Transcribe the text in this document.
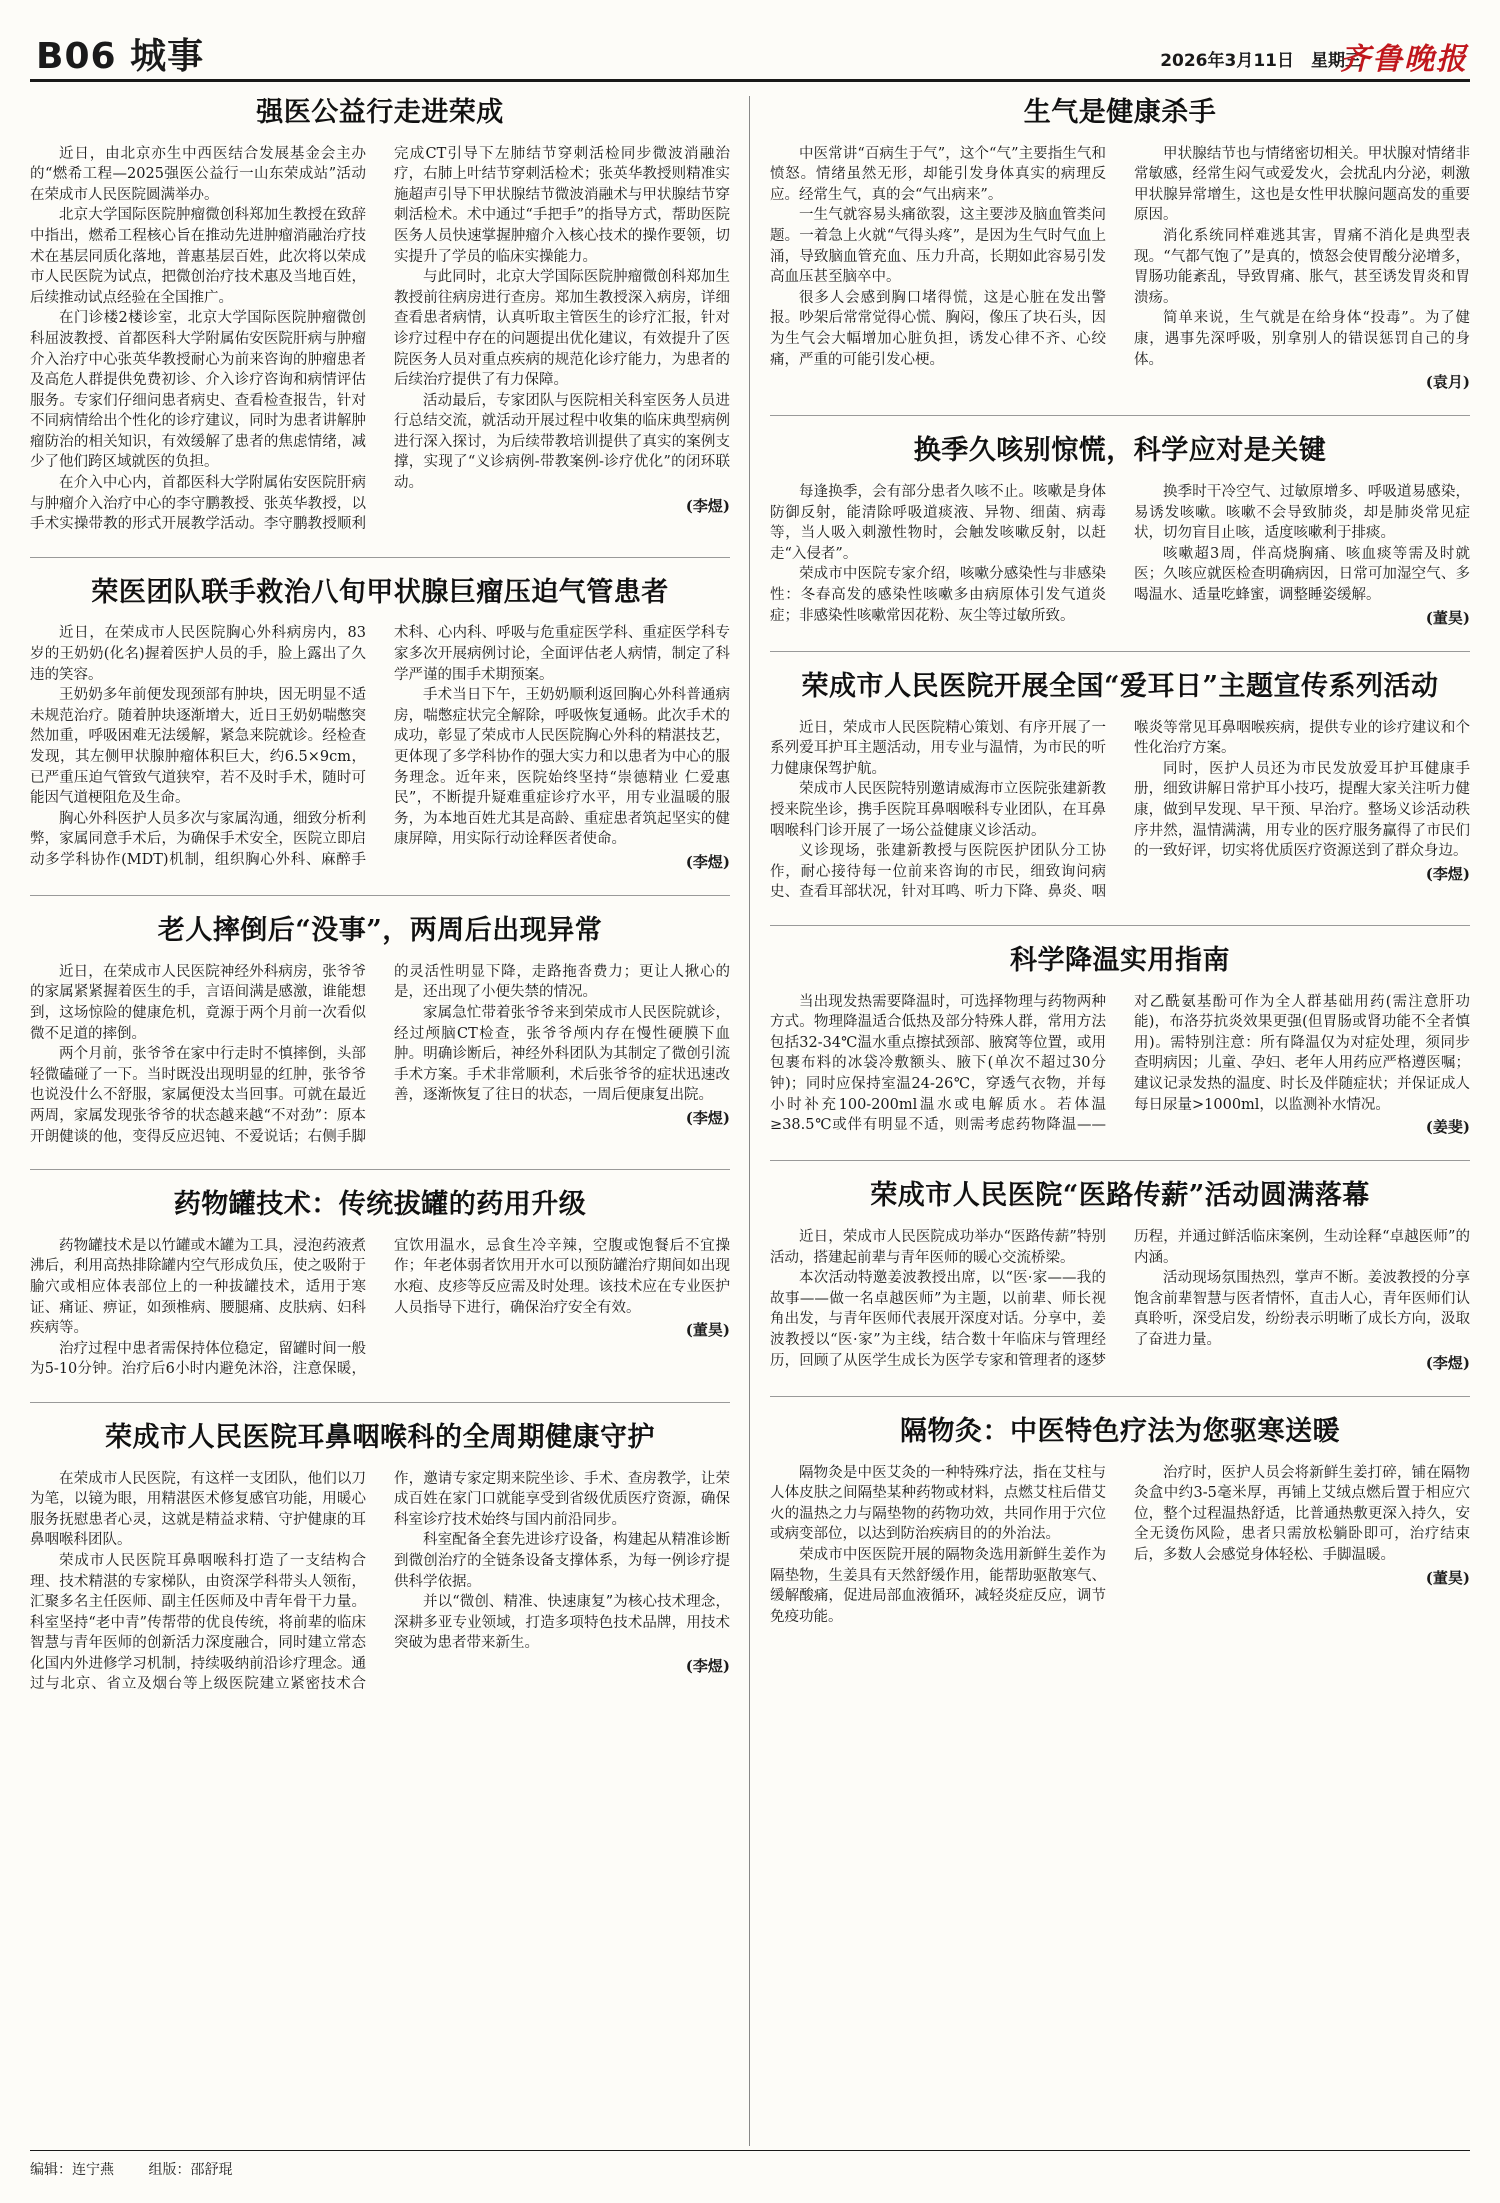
B06 城事	2026年3月11日　星期三
齐鲁晚报
强医公益行走进荣成

近日，由北京亦生中西医结合发展基金会主办的“燃希工程—2025强医公益行一山东荣成站”活动在荣成市人民医院圆满举办。

北京大学国际医院肿瘤微创科郑加生教授在致辞中指出，燃希工程核心旨在推动先进肿瘤消融治疗技术在基层同质化落地，普惠基层百姓，此次将以荣成市人民医院为试点，把微创治疗技术惠及当地百姓，后续推动试点经验在全国推广。

在门诊楼2楼诊室，北京大学国际医院肿瘤微创科屈波教授、首都医科大学附属佑安医院肝病与肿瘤介入治疗中心张英华教授耐心为前来咨询的肿瘤患者及高危人群提供免费初诊、介入诊疗咨询和病情评估服务。专家们仔细问患者病史、查看检查报告，针对不同病情给出个性化的诊疗建议，同时为患者讲解肿瘤防治的相关知识，有效缓解了患者的焦虑情绪，减少了他们跨区域就医的负担。

在介入中心内，首都医科大学附属佑安医院肝病与肿瘤介入治疗中心的李守鹏教授、张英华教授，以手术实操带教的形式开展教学活动。李守鹏教授顺利完成CT引导下左肺结节穿刺活检同步微波消融治疗，右肺上叶结节穿刺活检术；张英华教授则精准实施超声引导下甲状腺结节微波消融术与甲状腺结节穿刺活检术。术中通过“手把手”的指导方式，帮助医院医务人员快速掌握肿瘤介入核心技术的操作要领，切实提升了学员的临床实操能力。

与此同时，北京大学国际医院肿瘤微创科郑加生教授前往病房进行查房。郑加生教授深入病房，详细查看患者病情，认真听取主管医生的诊疗汇报，针对诊疗过程中存在的问题提出优化建议，有效提升了医院医务人员对重点疾病的规范化诊疗能力，为患者的后续治疗提供了有力保障。

活动最后，专家团队与医院相关科室医务人员进行总结交流，就活动开展过程中收集的临床典型病例进行深入探讨，为后续带教培训提供了真实的案例支撑，实现了“义诊病例-带教案例-诊疗优化”的闭环联动。

(李煜)
荣医团队联手救治八旬甲状腺巨瘤压迫气管患者

近日，在荣成市人民医院胸心外科病房内，83岁的王奶奶(化名)握着医护人员的手，脸上露出了久违的笑容。

王奶奶多年前便发现颈部有肿块，因无明显不适未规范治疗。随着肿块逐渐增大，近日王奶奶喘憋突然加重，呼吸困难无法缓解，紧急来院就诊。经检查发现，其左侧甲状腺肿瘤体积巨大，约6.5×9cm，已严重压迫气管致气道狭窄，若不及时手术，随时可能因气道梗阻危及生命。

胸心外科医护人员多次与家属沟通，细致分析利弊，家属同意手术后，为确保手术安全，医院立即启动多学科协作(MDT)机制，组织胸心外科、麻醉手术科、心内科、呼吸与危重症医学科、重症医学科专家多次开展病例讨论，全面评估老人病情，制定了科学严谨的围手术期预案。

手术当日下午，王奶奶顺利返回胸心外科普通病房，喘憋症状完全解除，呼吸恢复通畅。此次手术的成功，彰显了荣成市人民医院胸心外科的精湛技艺，更体现了多学科协作的强大实力和以患者为中心的服务理念。近年来，医院始终坚持“崇德精业 仁爱惠民”，不断提升疑难重症诊疗水平，用专业温暖的服务，为本地百姓尤其是高龄、重症患者筑起坚实的健康屏障，用实际行动诠释医者使命。

(李煜)
老人摔倒后“没事”，两周后出现异常

近日，在荣成市人民医院神经外科病房，张爷爷的家属紧紧握着医生的手，言语间满是感激，谁能想到，这场惊险的健康危机，竟源于两个月前一次看似微不足道的摔倒。

两个月前，张爷爷在家中行走时不慎摔倒，头部轻微磕碰了一下。当时既没出现明显的红肿，张爷爷也说没什么不舒服，家属便没太当回事。可就在最近两周，家属发现张爷爷的状态越来越“不对劲”：原本开朗健谈的他，变得反应迟钝、不爱说话；右侧手脚的灵活性明显下降，走路拖沓费力；更让人揪心的是，还出现了小便失禁的情况。

家属急忙带着张爷爷来到荣成市人民医院就诊，经过颅脑CT检查，张爷爷颅内存在慢性硬膜下血肿。明确诊断后，神经外科团队为其制定了微创引流手术方案。手术非常顺利，术后张爷爷的症状迅速改善，逐渐恢复了往日的状态，一周后便康复出院。

(李煜)
药物罐技术：传统拔罐的药用升级

药物罐技术是以竹罐或木罐为工具，浸泡药液煮沸后，利用高热排除罐内空气形成负压，使之吸附于腧穴或相应体表部位上的一种拔罐技术，适用于寒证、痛证、痹证，如颈椎病、腰腿痛、皮肤病、妇科疾病等。

治疗过程中患者需保持体位稳定，留罐时间一般为5-10分钟。治疗后6小时内避免沐浴，注意保暖，宜饮用温水，忌食生冷辛辣，空腹或饱餐后不宜操作；年老体弱者饮用开水可以预防罐治疗期间如出现水疱、皮疹等反应需及时处理。该技术应在专业医护人员指导下进行，确保治疗安全有效。

(董昊)
荣成市人民医院耳鼻咽喉科的全周期健康守护

在荣成市人民医院，有这样一支团队，他们以刀为笔，以镜为眼，用精湛医术修复感官功能，用暖心服务抚慰患者心灵，这就是精益求精、守护健康的耳鼻咽喉科团队。

荣成市人民医院耳鼻咽喉科打造了一支结构合理、技术精湛的专家梯队，由资深学科带头人领衔，汇聚多名主任医师、副主任医师及中青年骨干力量。科室坚持“老中青”传帮带的优良传统，将前辈的临床智慧与青年医师的创新活力深度融合，同时建立常态化国内外进修学习机制，持续吸纳前沿诊疗理念。通过与北京、省立及烟台等上级医院建立紧密技术合作，邀请专家定期来院坐诊、手术、查房教学，让荣成百姓在家门口就能享受到省级优质医疗资源，确保科室诊疗技术始终与国内前沿同步。

科室配备全套先进诊疗设备，构建起从精准诊断到微创治疗的全链条设备支撑体系，为每一例诊疗提供科学依据。

并以“微创、精准、快速康复”为核心技术理念，深耕多亚专业领域，打造多项特色技术品牌，用技术突破为患者带来新生。

(李煜)
生气是健康杀手

中医常讲“百病生于气”，这个“气”主要指生气和愤怒。情绪虽然无形，却能引发身体真实的病理反应。经常生气，真的会“气出病来”。

一生气就容易头痛欲裂，这主要涉及脑血管类问题。一着急上火就“气得头疼”，是因为生气时气血上涌，导致脑血管充血、压力升高，长期如此容易引发高血压甚至脑卒中。

很多人会感到胸口堵得慌，这是心脏在发出警报。吵架后常常觉得心慌、胸闷，像压了块石头，因为生气会大幅增加心脏负担，诱发心律不齐、心绞痛，严重的可能引发心梗。

甲状腺结节也与情绪密切相关。甲状腺对情绪非常敏感，经常生闷气或爱发火，会扰乱内分泌，刺激甲状腺异常增生，这也是女性甲状腺问题高发的重要原因。

消化系统同样难逃其害，胃痛不消化是典型表现。“气都气饱了”是真的，愤怒会使胃酸分泌增多，胃肠功能紊乱，导致胃痛、胀气，甚至诱发胃炎和胃溃疡。

简单来说，生气就是在给身体“投毒”。为了健康，遇事先深呼吸，别拿别人的错误惩罚自己的身体。

(袁月)
换季久咳别惊慌，科学应对是关键

每逢换季，会有部分患者久咳不止。咳嗽是身体防御反射，能清除呼吸道痰液、异物、细菌、病毒等，当人吸入刺激性物时，会触发咳嗽反射，以赶走“入侵者”。

荣成市中医院专家介绍，咳嗽分感染性与非感染性：冬春高发的感染性咳嗽多由病原体引发气道炎症；非感染性咳嗽常因花粉、灰尘等过敏所致。

换季时干冷空气、过敏原增多、呼吸道易感染，易诱发咳嗽。咳嗽不会导致肺炎，却是肺炎常见症状，切勿盲目止咳，适度咳嗽利于排痰。

咳嗽超3周，伴高烧胸痛、咳血痰等需及时就医；久咳应就医检查明确病因，日常可加湿空气、多喝温水、适量吃蜂蜜，调整睡姿缓解。

(董昊)
荣成市人民医院开展全国“爱耳日”主题宣传系列活动

近日，荣成市人民医院精心策划、有序开展了一系列爱耳护耳主题活动，用专业与温情，为市民的听力健康保驾护航。

荣成市人民医院特别邀请威海市立医院张建新教授来院坐诊，携手医院耳鼻咽喉科专业团队，在耳鼻咽喉科门诊开展了一场公益健康义诊活动。

义诊现场，张建新教授与医院医护团队分工协作，耐心接待每一位前来咨询的市民，细致询问病史、查看耳部状况，针对耳鸣、听力下降、鼻炎、咽喉炎等常见耳鼻咽喉疾病，提供专业的诊疗建议和个性化治疗方案。

同时，医护人员还为市民发放爱耳护耳健康手册，细致讲解日常护耳小技巧，提醒大家关注听力健康，做到早发现、早干预、早治疗。整场义诊活动秩序井然，温情满满，用专业的医疗服务赢得了市民们的一致好评，切实将优质医疗资源送到了群众身边。

(李煜)
科学降温实用指南

当出现发热需要降温时，可选择物理与药物两种方式。物理降温适合低热及部分特殊人群，常用方法包括32-34℃温水重点擦拭颈部、腋窝等位置，或用包裹布料的冰袋冷敷额头、腋下(单次不超过30分钟)；同时应保持室温24-26℃，穿透气衣物，并每小时补充100-200ml温水或电解质水。若体温≥38.5℃或伴有明显不适，则需考虑药物降温——对乙酰氨基酚可作为全人群基础用药(需注意肝功能)，布洛芬抗炎效果更强(但胃肠或肾功能不全者慎用)。需特别注意：所有降温仅为对症处理，须同步查明病因；儿童、孕妇、老年人用药应严格遵医嘱；建议记录发热的温度、时长及伴随症状；并保证成人每日尿量>1000ml，以监测补水情况。

(姜斐)
荣成市人民医院“医路传薪”活动圆满落幕

近日，荣成市人民医院成功举办“医路传薪”特别活动，搭建起前辈与青年医师的暖心交流桥梁。

本次活动特邀姜波教授出席，以“医·家——我的故事——做一名卓越医师”为主题，以前辈、师长视角出发，与青年医师代表展开深度对话。分享中，姜波教授以“医·家”为主线，结合数十年临床与管理经历，回顾了从医学生成长为医学专家和管理者的逐梦历程，并通过鲜活临床案例，生动诠释“卓越医师”的内涵。

活动现场氛围热烈，掌声不断。姜波教授的分享饱含前辈智慧与医者情怀，直击人心，青年医师们认真聆听，深受启发，纷纷表示明晰了成长方向，汲取了奋进力量。

(李煜)
隔物灸：中医特色疗法为您驱寒送暖

隔物灸是中医艾灸的一种特殊疗法，指在艾柱与人体皮肤之间隔垫某种药物或材料，点燃艾柱后借艾火的温热之力与隔垫物的药物功效，共同作用于穴位或病变部位，以达到防治疾病目的的外治法。

荣成市中医医院开展的隔物灸选用新鲜生姜作为隔垫物，生姜具有天然舒缓作用，能帮助驱散寒气、缓解酸痛，促进局部血液循环，减轻炎症反应，调节免疫功能。

治疗时，医护人员会将新鲜生姜打碎，铺在隔物灸盒中约3-5毫米厚，再铺上艾绒点燃后置于相应穴位，整个过程温热舒适，比普通热敷更深入持久，安全无烫伤风险，患者只需放松躺卧即可，治疗结束后，多数人会感觉身体轻松、手脚温暖。

(董昊)
编辑：连宁燕 组版：邵舒琨
